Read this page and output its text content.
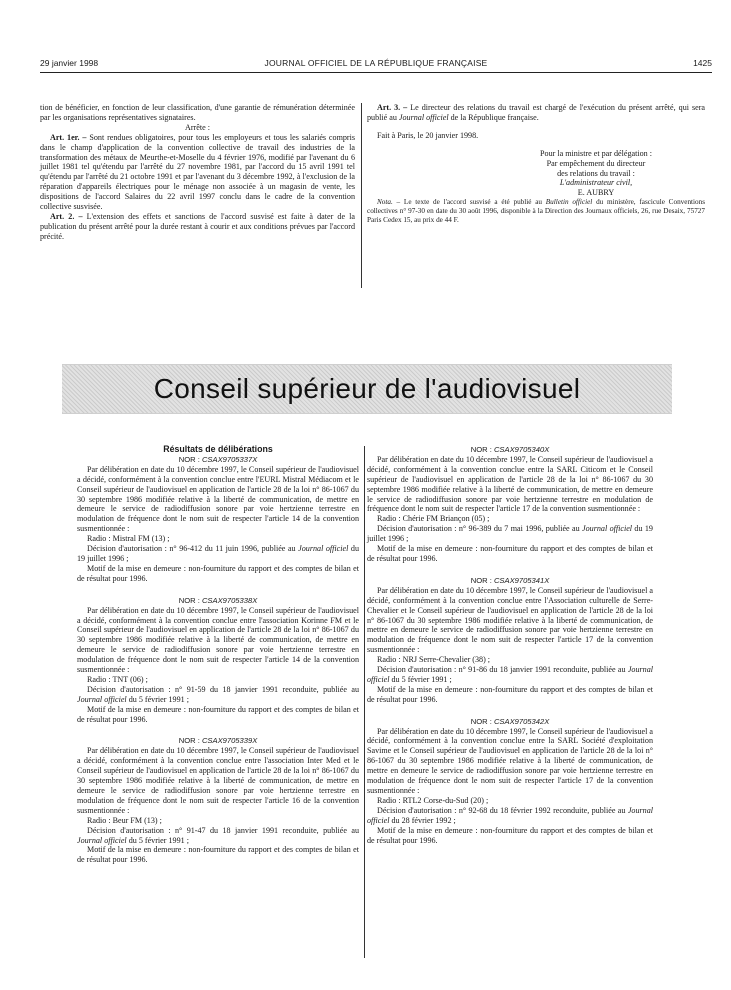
29 janvier 1998	JOURNAL OFFICIEL DE LA RÉPUBLIQUE FRANÇAISE	1425

tion de bénéficier, en fonction de leur classification, d'une garantie de rémunération déterminée par les organisations représentatives signataires.

Arrête :

Art. 1er. – Sont rendues obligatoires, pour tous les employeurs et tous les salariés compris dans le champ d'application de la convention collective de travail des industries de la transformation des métaux de Meurthe-et-Moselle du 4 février 1976, modifié par l'avenant du 6 juillet 1981 tel qu'étendu par l'arrêté du 27 novembre 1981, par l'accord du 15 avril 1991 tel qu'étendu par l'arrêté du 21 octobre 1991 et par l'avenant du 3 décembre 1992, à l'exclusion de la réparation d'appareils électriques pour le ménage non associée à un magasin de vente, les dispositions de l'accord Salaires du 22 avril 1997 conclu dans le cadre de la convention collective susvisée.

Art. 2. – L'extension des effets et sanctions de l'accord susvisé est faite à dater de la publication du présent arrêté pour la durée restant à courir et aux conditions prévues par l'accord précité.

Art. 3. – Le directeur des relations du travail est chargé de l'exécution du présent arrêté, qui sera publié au Journal officiel de la République française.

Fait à Paris, le 20 janvier 1998.

Pour la ministre et par délégation :

Par empêchement du directeur

des relations du travail :

L'administrateur civil,

E. AUBRY

Nota. – Le texte de l'accord susvisé a été publié au Bulletin officiel du ministère, fascicule Conventions collectives n° 97-30 en date du 30 août 1996, disponible à la Direction des Journaux officiels, 26, rue Desaix, 75727 Paris Cedex 15, au prix de 44 F.

Conseil supérieur de l'audiovisuel

Résultats de délibérations

NOR : CSAX9705337X

Par délibération en date du 10 décembre 1997, le Conseil supérieur de l'audiovisuel a décidé, conformément à la convention conclue entre l'EURL Mistral Médiacom et le Conseil supérieur de l'audiovisuel en application de l'article 28 de la loi n° 86-1067 du 30 septembre 1986 modifiée relative à la liberté de communication, de mettre en demeure le service de radiodiffusion sonore par voie hertzienne terrestre en modulation de fréquence dont le nom suit de respecter l'article 14 de la convention susmentionnée :

Radio : Mistral FM (13) ;

Décision d'autorisation : n° 96-412 du 11 juin 1996, publiée au Journal officiel du 19 juillet 1996 ;

Motif de la mise en demeure : non-fourniture du rapport et des comptes de bilan et de résultat pour 1996.

NOR : CSAX9705338X

Par délibération en date du 10 décembre 1997, le Conseil supérieur de l'audiovisuel a décidé, conformément à la convention conclue entre l'association Korinne FM et le Conseil supérieur de l'audiovisuel en application de l'article 28 de la loi n° 86-1067 du 30 septembre 1986 modifiée relative à la liberté de communication, de mettre en demeure le service de radiodiffusion sonore par voie hertzienne terrestre en modulation de fréquence dont le nom suit de respecter l'article 14 de la convention susmentionnée :

Radio : TNT (06) ;

Décision d'autorisation : n° 91-59 du 18 janvier 1991 reconduite, publiée au Journal officiel du 5 février 1991 ;

Motif de la mise en demeure : non-fourniture du rapport et des comptes de bilan et de résultat pour 1996.

NOR : CSAX9705339X

Par délibération en date du 10 décembre 1997, le Conseil supérieur de l'audiovisuel a décidé, conformément à la convention conclue entre l'association Inter Med et le Conseil supérieur de l'audiovisuel en application de l'article 28 de la loi n° 86-1067 du 30 septembre 1986 modifiée relative à la liberté de communication, de mettre en demeure le service de radiodiffusion sonore par voie hertzienne terrestre en modulation de fréquence dont le nom suit de respecter l'article 16 de la convention susmentionnée :

Radio : Beur FM (13) ;

Décision d'autorisation : n° 91-47 du 18 janvier 1991 reconduite, publiée au Journal officiel du 5 février 1991 ;

Motif de la mise en demeure : non-fourniture du rapport et des comptes de bilan et de résultat pour 1996.

NOR : CSAX9705340X

Par délibération en date du 10 décembre 1997, le Conseil supérieur de l'audiovisuel a décidé, conformément à la convention conclue entre la SARL Citicom et le Conseil supérieur de l'audiovisuel en application de l'article 28 de la loi n° 86-1067 du 30 septembre 1986 modifiée relative à la liberté de communication, de mettre en demeure le service de radiodiffusion sonore par voie hertzienne terrestre en modulation de fréquence dont le nom suit de respecter l'article 17 de la convention susmentionnée :

Radio : Chérie FM Briançon (05) ;

Décision d'autorisation : n° 96-389 du 7 mai 1996, publiée au Journal officiel du 19 juillet 1996 ;

Motif de la mise en demeure : non-fourniture du rapport et des comptes de bilan et de résultat pour 1996.

NOR : CSAX9705341X

Par délibération en date du 10 décembre 1997, le Conseil supérieur de l'audiovisuel a décidé, conformément à la convention conclue entre l'Association culturelle de Serre-Chevalier et le Conseil supérieur de l'audiovisuel en application de l'article 28 de la loi n° 86-1067 du 30 septembre 1986 modifiée relative à la liberté de communication, de mettre en demeure le service de radiodiffusion sonore par voie hertzienne terrestre en modulation de fréquence dont le nom suit de respecter l'article 17 de la convention susmentionnée :

Radio : NRJ Serre-Chevalier (38) ;

Décision d'autorisation : n° 91-86 du 18 janvier 1991 reconduite, publiée au Journal officiel du 5 février 1991 ;

Motif de la mise en demeure : non-fourniture du rapport et des comptes de bilan et de résultat pour 1996.

NOR : CSAX9705342X

Par délibération en date du 10 décembre 1997, le Conseil supérieur de l'audiovisuel a décidé, conformément à la convention conclue entre la SARL Société d'exploitation Savime et le Conseil supérieur de l'audiovisuel en application de l'article 28 de la loi n° 86-1067 du 30 septembre 1986 modifiée relative à la liberté de communication, de mettre en demeure le service de radiodiffusion sonore par voie hertzienne terrestre en modulation de fréquence dont le nom suit de respecter l'article 17 de la convention susmentionnée :

Radio : RTL2 Corse-du-Sud (20) ;

Décision d'autorisation : n° 92-68 du 18 février 1992 reconduite, publiée au Journal officiel du 28 février 1992 ;

Motif de la mise en demeure : non-fourniture du rapport et des comptes de bilan et de résultat pour 1996.
